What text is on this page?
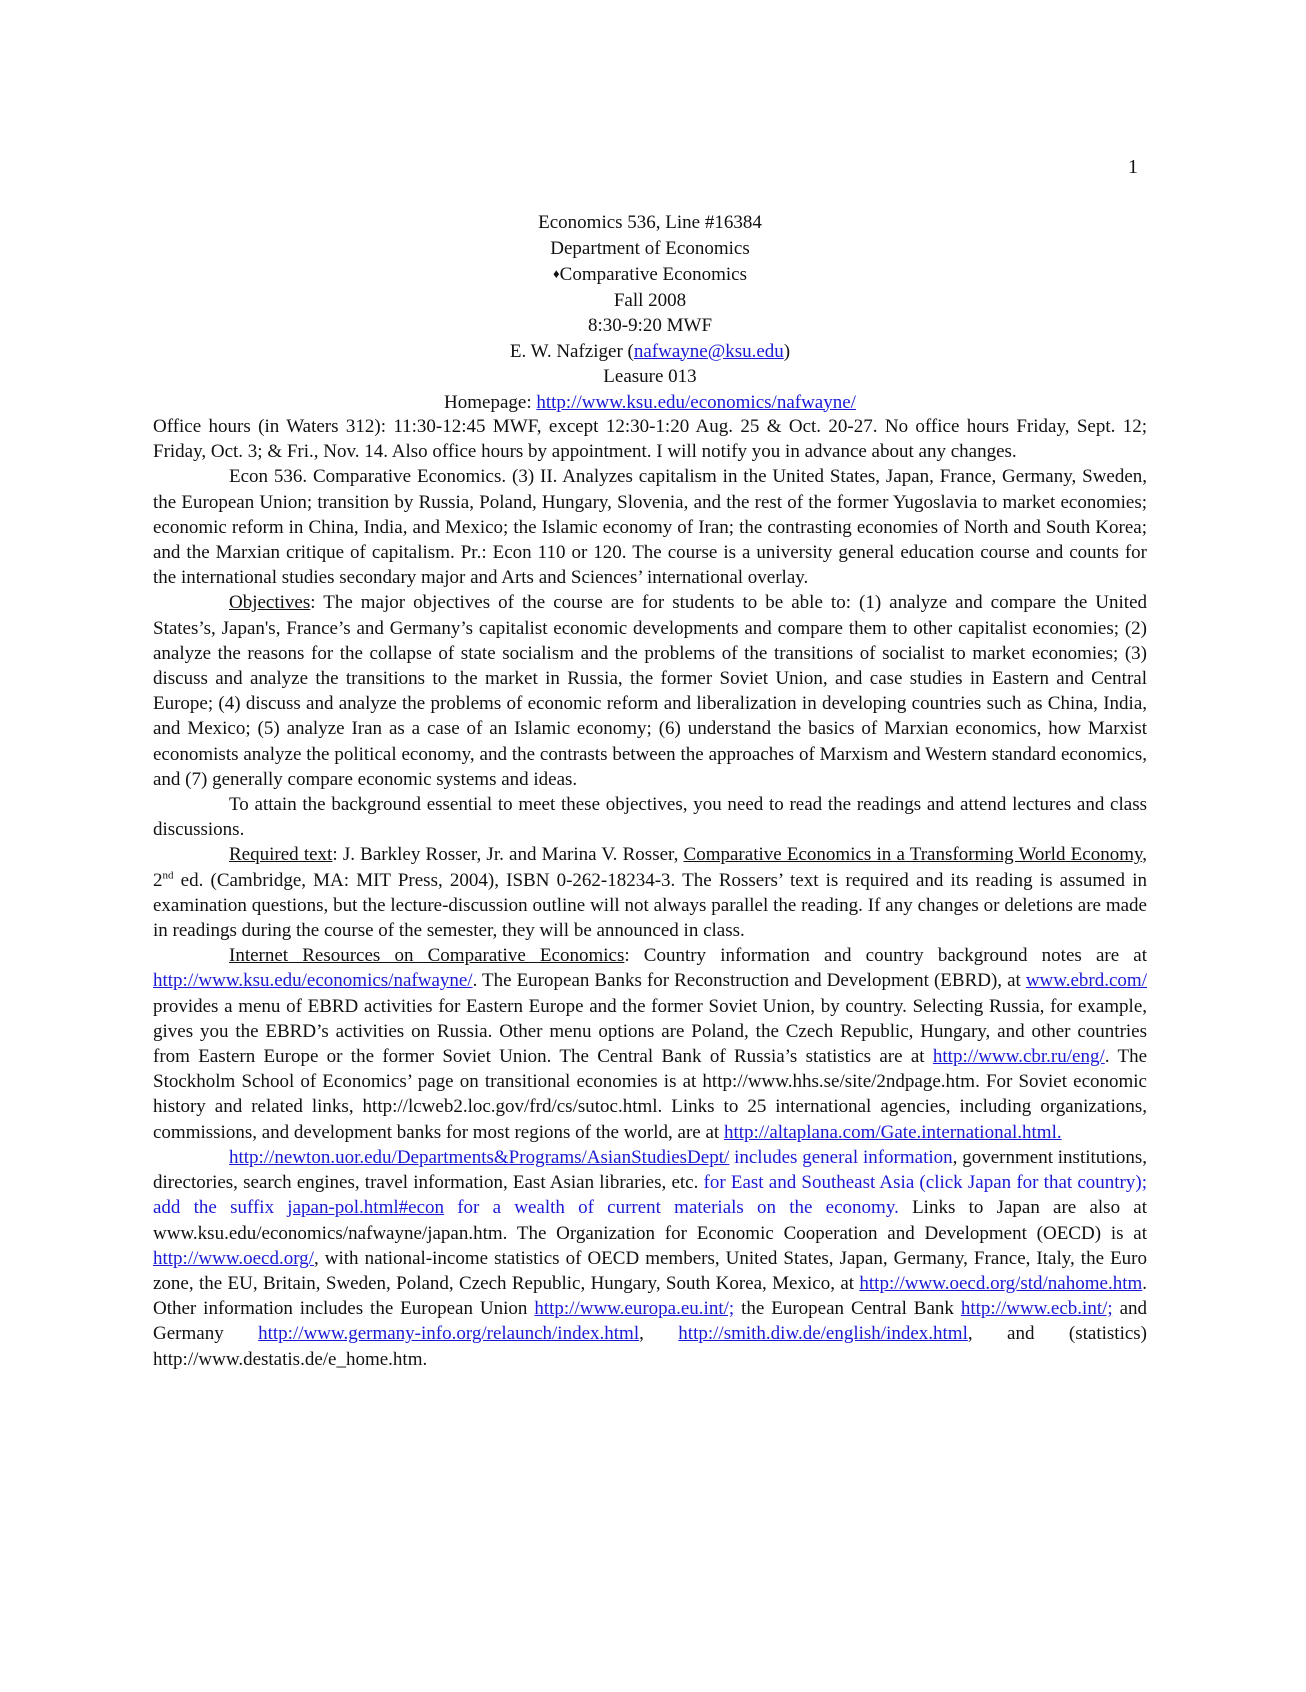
1
Economics 536, Line #16384
Department of Economics
♦Comparative Economics
Fall 2008
8:30-9:20 MWF
E. W. Nafziger (nafwayne@ksu.edu)
Leasure 013
Homepage: http://www.ksu.edu/economics/nafwayne/

Office hours (in Waters 312): 11:30-12:45 MWF, except 12:30-1:20 Aug. 25 & Oct. 20-27. No office hours Friday, Sept. 12; Friday, Oct. 3; & Fri., Nov. 14. Also office hours by appointment. I will notify you in advance about any changes.

Econ 536. Comparative Economics. (3) II. Analyzes capitalism in the United States, Japan, France, Germany, Sweden, the European Union; transition by Russia, Poland, Hungary, Slovenia, and the rest of the former Yugoslavia to market economies; economic reform in China, India, and Mexico; the Islamic economy of Iran; the contrasting economies of North and South Korea; and the Marxian critique of capitalism. Pr.: Econ 110 or 120. The course is a university general education course and counts for the international studies secondary major and Arts and Sciences’ international overlay.

Objectives: The major objectives of the course are for students to be able to: (1) analyze and compare the United States’s, Japan's, France’s and Germany’s capitalist economic developments and compare them to other capitalist economies; (2) analyze the reasons for the collapse of state socialism and the problems of the transitions of socialist to market economies; (3) discuss and analyze the transitions to the market in Russia, the former Soviet Union, and case studies in Eastern and Central Europe; (4) discuss and analyze the problems of economic reform and liberalization in developing countries such as China, India, and Mexico; (5) analyze Iran as a case of an Islamic economy; (6) understand the basics of Marxian economics, how Marxist economists analyze the political economy, and the contrasts between the approaches of Marxism and Western standard economics, and (7) generally compare economic systems and ideas.

To attain the background essential to meet these objectives, you need to read the readings and attend lectures and class discussions.

Required text: J. Barkley Rosser, Jr. and Marina V. Rosser, Comparative Economics in a Transforming World Economy, 2nd ed. (Cambridge, MA: MIT Press, 2004), ISBN 0-262-18234-3. The Rossers’ text is required and its reading is assumed in examination questions, but the lecture-discussion outline will not always parallel the reading. If any changes or deletions are made in readings during the course of the semester, they will be announced in class.

Internet Resources on Comparative Economics: Country information and country background notes are at http://www.ksu.edu/economics/nafwayne/. The European Banks for Reconstruction and Development (EBRD), at www.ebrd.com/ provides a menu of EBRD activities for Eastern Europe and the former Soviet Union, by country. Selecting Russia, for example, gives you the EBRD’s activities on Russia. Other menu options are Poland, the Czech Republic, Hungary, and other countries from Eastern Europe or the former Soviet Union. The Central Bank of Russia’s statistics are at http://www.cbr.ru/eng/. The Stockholm School of Economics’ page on transitional economies is at http://www.hhs.se/site/2ndpage.htm. For Soviet economic history and related links, http://lcweb2.loc.gov/frd/cs/sutoc.html. Links to 25 international agencies, including organizations, commissions, and development banks for most regions of the world, are at http://altaplana.com/Gate.international.html.

http://newton.uor.edu/Departments&Programs/AsianStudiesDept/ includes general information, government institutions, directories, search engines, travel information, East Asian libraries, etc. for East and Southeast Asia (click Japan for that country); add the suffix japan-pol.html#econ for a wealth of current materials on the economy. Links to Japan are also at www.ksu.edu/economics/nafwayne/japan.htm. The Organization for Economic Cooperation and Development (OECD) is at http://www.oecd.org/, with national-income statistics of OECD members, United States, Japan, Germany, France, Italy, the Euro zone, the EU, Britain, Sweden, Poland, Czech Republic, Hungary, South Korea, Mexico, at http://www.oecd.org/std/nahome.htm. Other information includes the European Union http://www.europa.eu.int/; the European Central Bank http://www.ecb.int/; and Germany http://www.germany-info.org/relaunch/index.html, http://smith.diw.de/english/index.html, and (statistics) http://www.destatis.de/e_home.htm.
